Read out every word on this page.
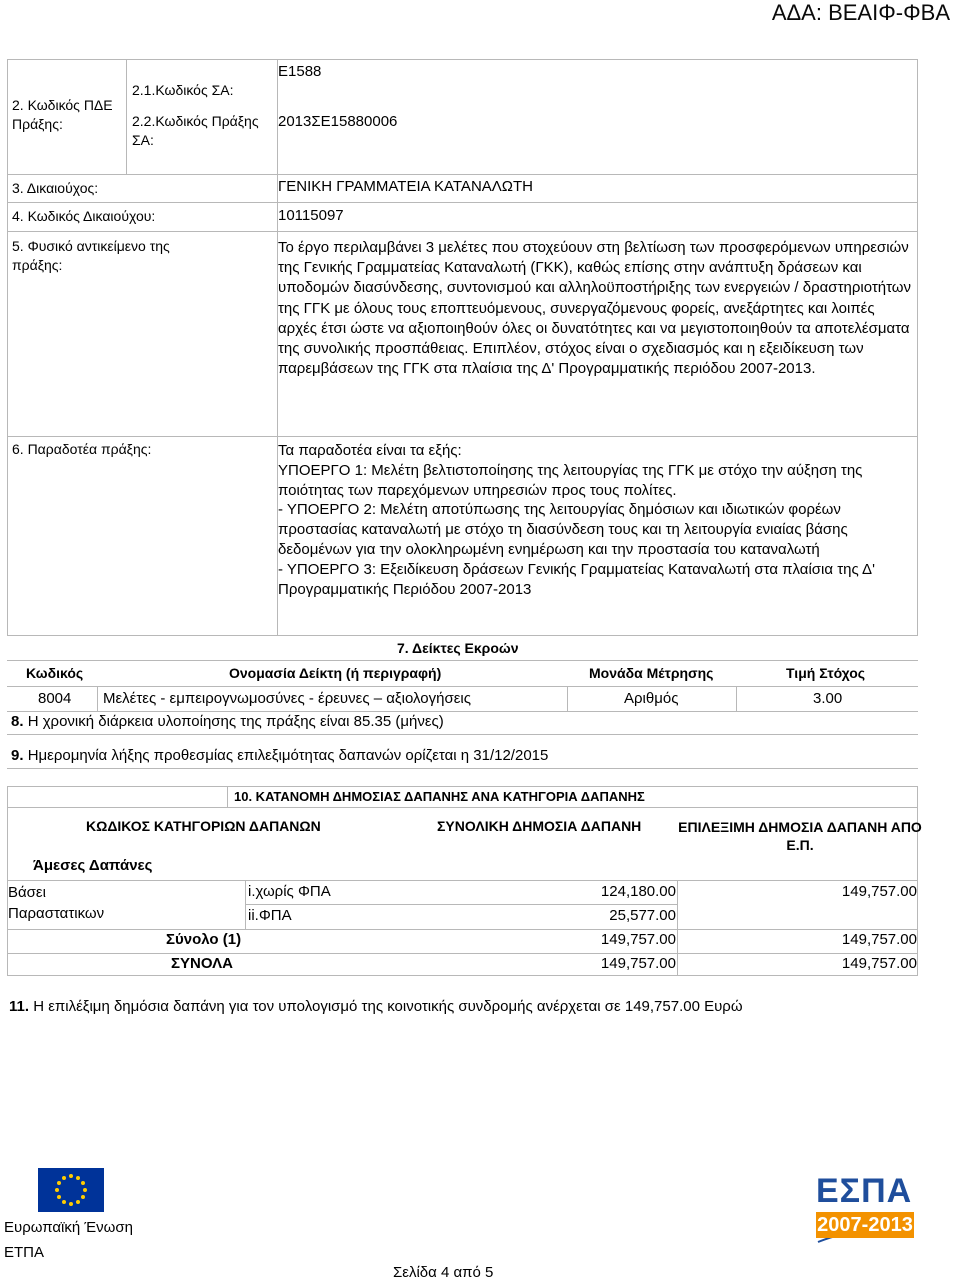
ΑΔΑ: ΒΕΑΙΦ-ΦΒΑ
2. Κωδικός ΠΔΕ Πράξης:
2.1.Κωδικός ΣΑ:
Ε1588
2.2.Κωδικός Πράξης ΣΑ:
2013ΣΕ15880006
3. Δικαιούχος:	ΓΕΝΙΚΗ ΓΡΑΜΜΑΤΕΙΑ ΚΑΤΑΝΑΛΩΤΗ
4. Κωδικός Δικαιούχου:	10115097
5. Φυσικό αντικείμενο της πράξης:
Το έργο περιλαμβάνει 3 μελέτες που στοχεύουν στη βελτίωση των προσφερόμενων υπηρεσιών της Γενικής Γραμματείας Καταναλωτή (ΓΚΚ), καθώς επίσης στην ανάπτυξη δράσεων και υποδομών διασύνδεσης, συντονισμού και αλληλοϋποστήριξης των ενεργειών / δραστηριοτήτων της ΓΓΚ με όλους τους εποπτευόμενους, συνεργαζόμενους φορείς, ανεξάρτητες και λοιπές αρχές έτσι ώστε να αξιοποιηθούν όλες οι δυνατότητες και να μεγιστοποιηθούν τα αποτελέσματα της συνολικής προσπάθειας. Επιπλέον, στόχος είναι ο σχεδιασμός και η εξειδίκευση των παρεμβάσεων της ΓΓΚ στα πλαίσια της Δ' Προγραμματικής περιόδου 2007-2013.
6. Παραδοτέα πράξης:	Τα παραδοτέα είναι τα εξής:
ΥΠΟΕΡΓΟ 1: Μελέτη βελτιστοποίησης της λειτουργίας της ΓΓΚ με στόχο την αύξηση της ποιότητας των παρεχόμενων υπηρεσιών προς τους πολίτες.
- ΥΠΟΕΡΓΟ 2: Μελέτη αποτύπωσης της λειτουργίας δημόσιων και ιδιωτικών φορέων προστασίας καταναλωτή με στόχο τη διασύνδεση τους και τη λειτουργία ενιαίας βάσης δεδομένων για την ολοκληρωμένη ενημέρωση και την προστασία του καταναλωτή
- ΥΠΟΕΡΓΟ 3: Εξειδίκευση δράσεων Γενικής Γραμματείας Καταναλωτή στα πλαίσια της Δ' Προγραμματικής Περιόδου 2007-2013
7. Δείκτες Εκροών
Κωδικός	Ονομασία Δείκτη (ή περιγραφή)	Μονάδα Μέτρησης	Τιμή Στόχος
8004 Μελέτες - εμπειρογνωμοσύνες - έρευνες – αξιολογήσεις	Αριθμός	3.00
8. Η χρονική διάρκεια υλοποίησης της πράξης είναι 85.35 (μήνες)
9. Ημερομηνία λήξης προθεσμίας επιλεξιμότητας δαπανών ορίζεται η 31/12/2015
10. ΚΑΤΑΝΟΜΗ ΔΗΜΟΣΙΑΣ ΔΑΠΑΝΗΣ ΑΝΑ ΚΑΤΗΓΟΡΙΑ ΔΑΠΑΝΗΣ
ΚΩΔΙΚΟΣ ΚΑΤΗΓΟΡΙΩΝ ΔΑΠΑΝΩΝ	ΣΥΝΟΛΙΚΗ ΔΗΜΟΣΙΑ ΔΑΠΑΝΗ	ΕΠΙΛΕΞΙΜΗ ΔΗΜΟΣΙΑ ΔΑΠΑΝΗ ΑΠΟ Ε.Π.
Άμεσες Δαπάνες
Βάσει Παραστατικων
i.χωρίς ΦΠΑ	124,180.00	149,757.00
ii.ΦΠΑ	25,577.00
Σύνολο (1)	149,757.00	149,757.00
ΣΥΝΟΛΑ	149,757.00	149,757.00
11. Η επιλέξιμη δημόσια δαπάνη για τον υπολογισμό της κοινοτικής συνδρομής ανέρχεται σε 149,757.00 Ευρώ
Ευρωπαϊκή Ένωση
ΕΤΠΑ
Σελίδα 4 από 5
ΕΣΠΑ
2007-2013
